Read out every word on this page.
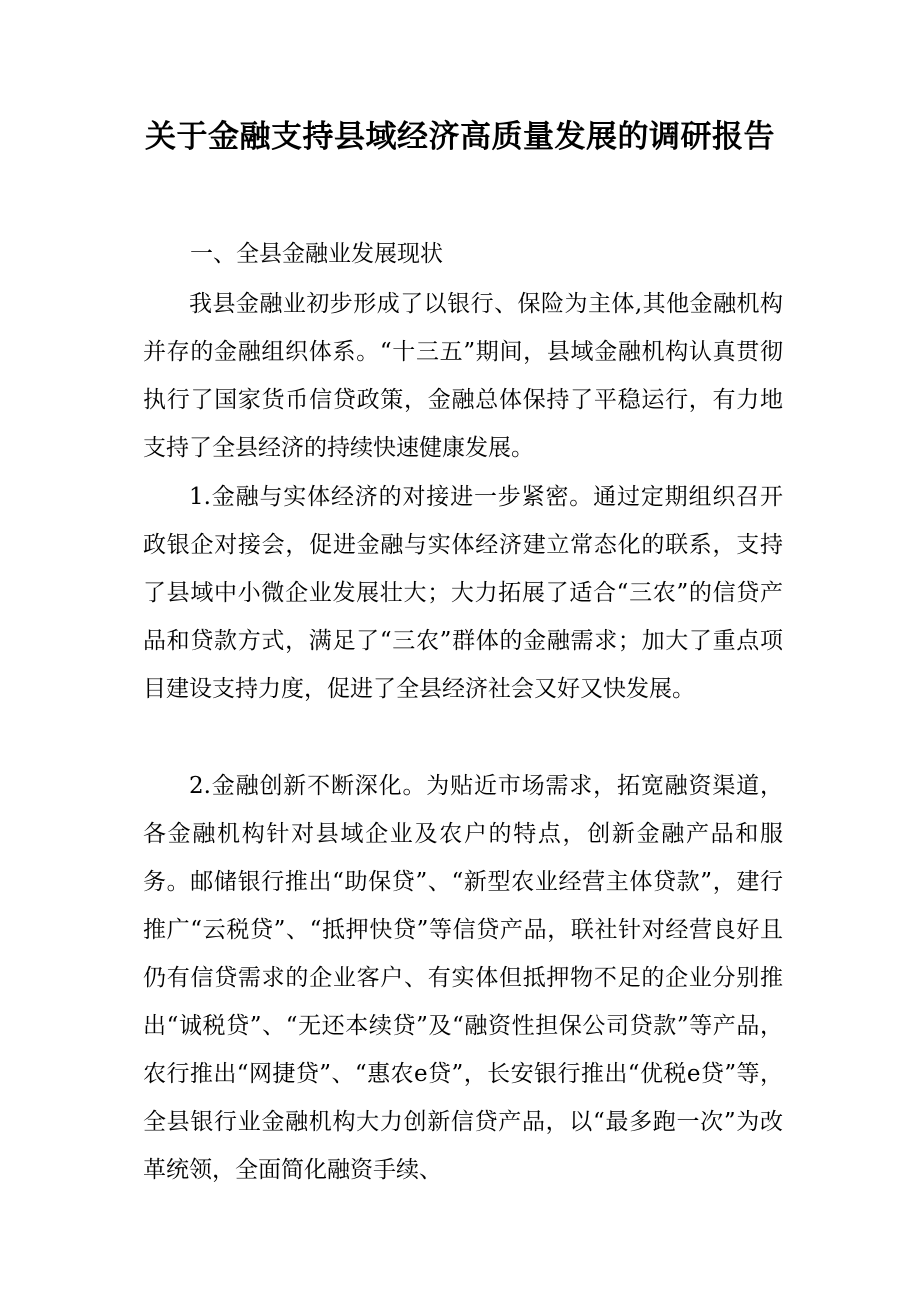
关于金融支持县域经济高质量发展的调研报告

一、全县金融业发展现状

我县金融业初步形成了以银行、保险为主体,其他金融机构并存的金融组织体系。“十三五”期间，县域金融机构认真贯彻执行了国家货币信贷政策，金融总体保持了平稳运行，有力地支持了全县经济的持续快速健康发展。

1.金融与实体经济的对接进一步紧密。通过定期组织召开政银企对接会，促进金融与实体经济建立常态化的联系，支持了县域中小微企业发展壮大；大力拓展了适合“三农”的信贷产品和贷款方式，满足了“三农”群体的金融需求；加大了重点项目建设支持力度，促进了全县经济社会又好又快发展。

2.金融创新不断深化。为贴近市场需求，拓宽融资渠道，各金融机构针对县域企业及农户的特点，创新金融产品和服务。邮储银行推出“助保贷”、“新型农业经营主体贷款”，建行推广“云税贷”、“抵押快贷”等信贷产品，联社针对经营良好且仍有信贷需求的企业客户、有实体但抵押物不足的企业分别推出“诚税贷”、“无还本续贷”及“融资性担保公司贷款”等产品，农行推出“网捷贷”、“惠农e贷”，长安银行推出“优税e贷”等，全县银行业金融机构大力创新信贷产品，以“最多跑一次”为改革统领，全面简化融资手续、
